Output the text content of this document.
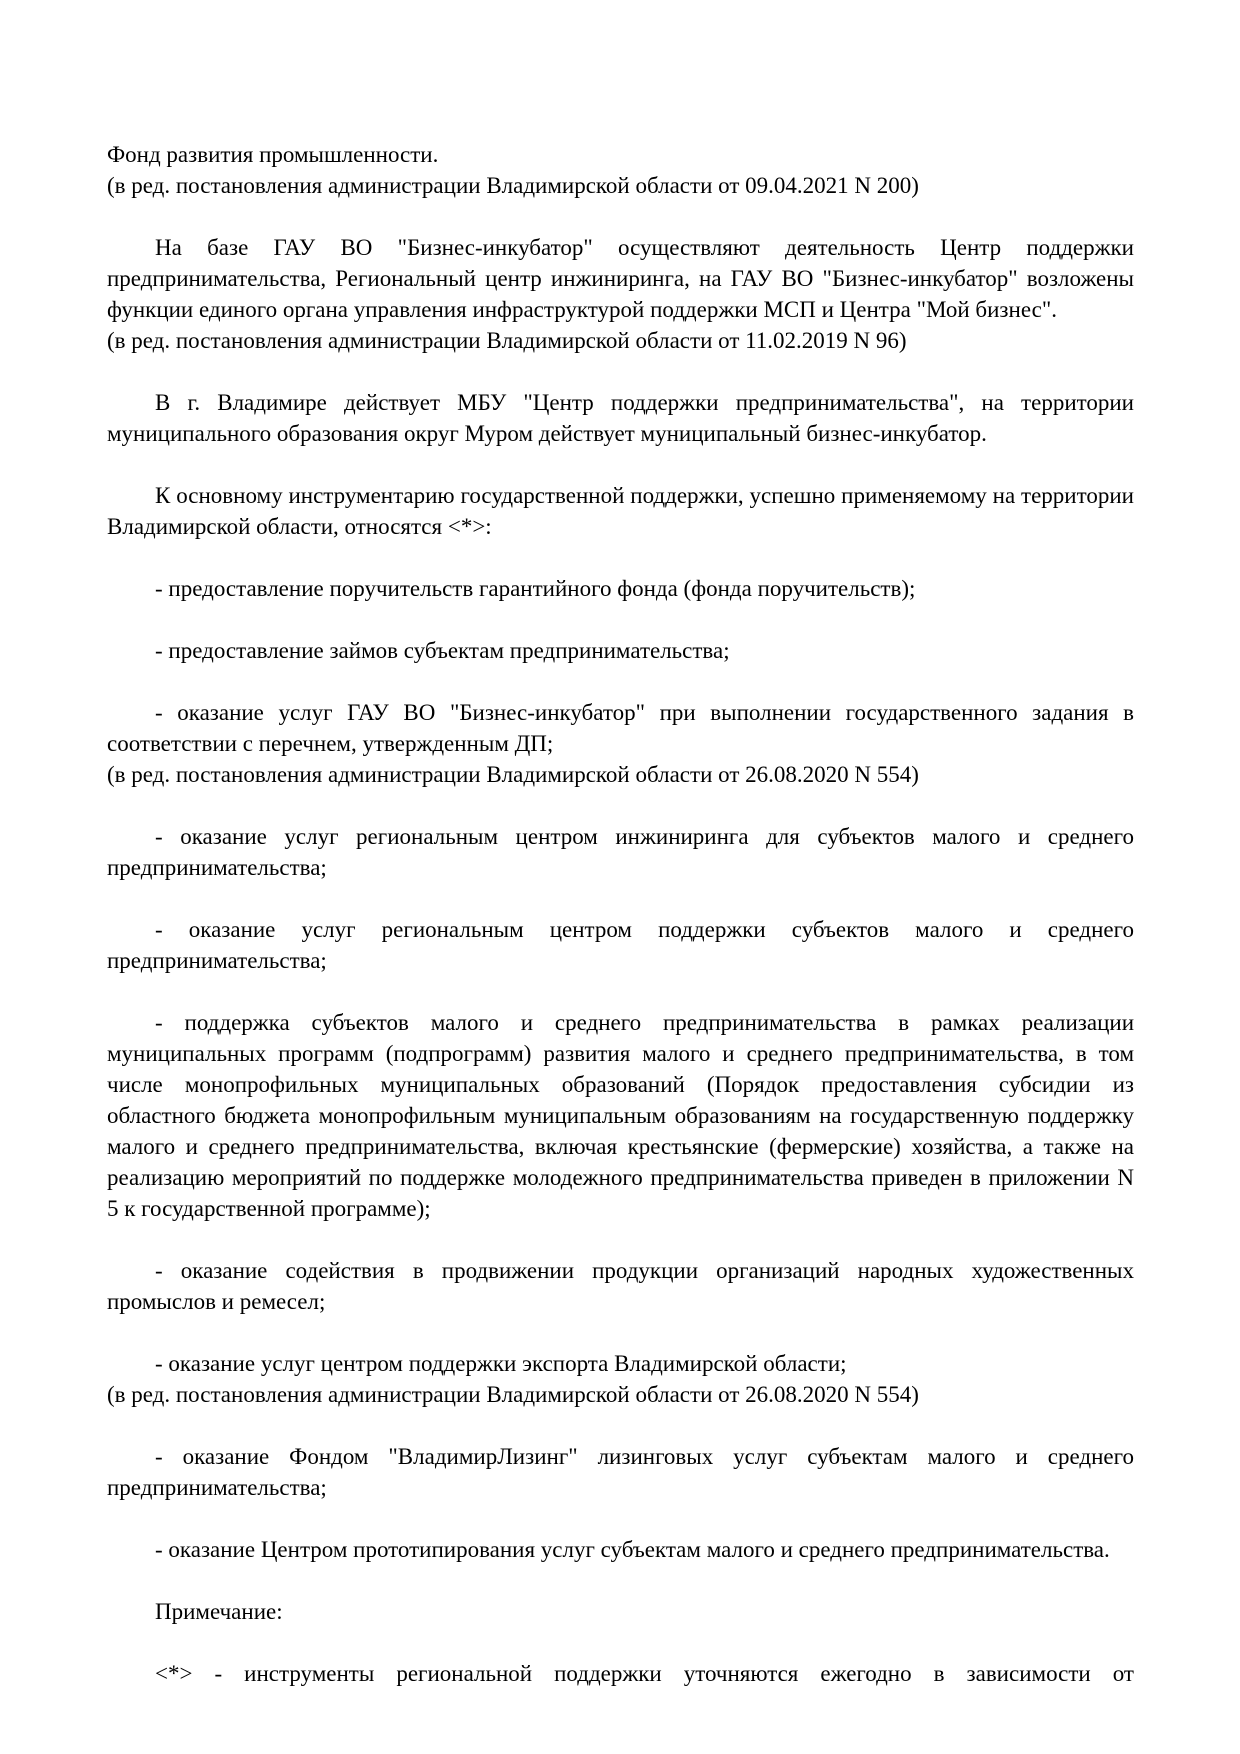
Фонд развития промышленности.

(в ред. постановления администрации Владимирской области от 09.04.2021 N 200)

На базе ГАУ ВО "Бизнес-инкубатор" осуществляют деятельность Центр поддержки предпринимательства, Региональный центр инжиниринга, на ГАУ ВО "Бизнес-инкубатор" возложены функции единого органа управления инфраструктурой поддержки МСП и Центра "Мой бизнес".

(в ред. постановления администрации Владимирской области от 11.02.2019 N 96)

В г. Владимире действует МБУ "Центр поддержки предпринимательства", на территории муниципального образования округ Муром действует муниципальный бизнес-инкубатор.

К основному инструментарию государственной поддержки, успешно применяемому на территории Владимирской области, относятся <*>:

- предоставление поручительств гарантийного фонда (фонда поручительств);

- предоставление займов субъектам предпринимательства;

- оказание услуг ГАУ ВО "Бизнес-инкубатор" при выполнении государственного задания в соответствии с перечнем, утвержденным ДП;

(в ред. постановления администрации Владимирской области от 26.08.2020 N 554)

- оказание услуг региональным центром инжиниринга для субъектов малого и среднего предпринимательства;

- оказание услуг региональным центром поддержки субъектов малого и среднего предпринимательства;

- поддержка субъектов малого и среднего предпринимательства в рамках реализации муниципальных программ (подпрограмм) развития малого и среднего предпринимательства, в том числе монопрофильных муниципальных образований (Порядок предоставления субсидии из областного бюджета монопрофильным муниципальным образованиям на государственную поддержку малого и среднего предпринимательства, включая крестьянские (фермерские) хозяйства, а также на реализацию мероприятий по поддержке молодежного предпринимательства приведен в приложении N 5 к государственной программе);

- оказание содействия в продвижении продукции организаций народных художественных промыслов и ремесел;

- оказание услуг центром поддержки экспорта Владимирской области;

(в ред. постановления администрации Владимирской области от 26.08.2020 N 554)

- оказание Фондом "ВладимирЛизинг" лизинговых услуг субъектам малого и среднего предпринимательства;

- оказание Центром прототипирования услуг субъектам малого и среднего предпринимательства.

Примечание:

<*> - инструменты региональной поддержки уточняются ежегодно в зависимости от
